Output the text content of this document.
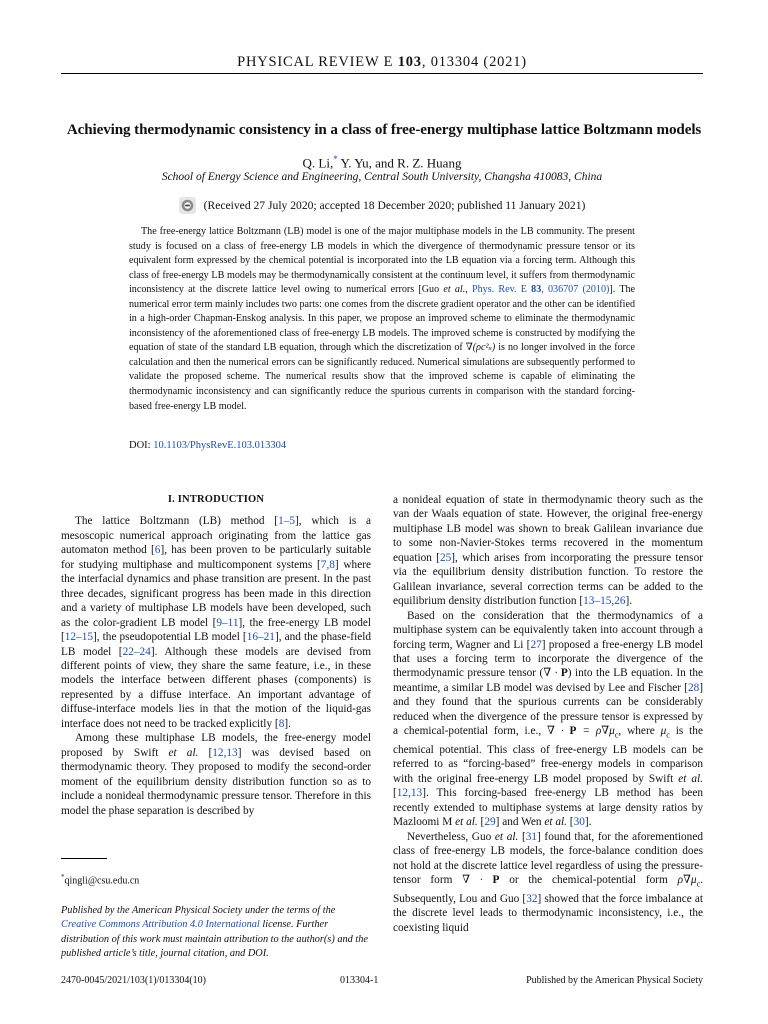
PHYSICAL REVIEW E 103, 013304 (2021)
Achieving thermodynamic consistency in a class of free-energy multiphase lattice Boltzmann models
Q. Li,* Y. Yu, and R. Z. Huang
School of Energy Science and Engineering, Central South University, Changsha 410083, China
(Received 27 July 2020; accepted 18 December 2020; published 11 January 2021)

The free-energy lattice Boltzmann (LB) model is one of the major multiphase models in the LB community. The present study is focused on a class of free-energy LB models in which the divergence of thermodynamic pressure tensor or its equivalent form expressed by the chemical potential is incorporated into the LB equation via a forcing term. Although this class of free-energy LB models may be thermodynamically consistent at the continuum level, it suffers from thermodynamic inconsistency at the discrete lattice level owing to numerical errors [Guo et al., Phys. Rev. E 83, 036707 (2010)]. The numerical error term mainly includes two parts: one comes from the discrete gradient operator and the other can be identified in a high-order Chapman-Enskog analysis. In this paper, we propose an improved scheme to eliminate the thermodynamic inconsistency of the aforementioned class of free-energy LB models. The improved scheme is constructed by modifying the equation of state of the standard LB equation, through which the discretization of ∇(ρc²ₛ) is no longer involved in the force calculation and then the numerical errors can be significantly reduced. Numerical simulations are subsequently performed to validate the proposed scheme. The numerical results show that the improved scheme is capable of eliminating the thermodynamic inconsistency and can significantly reduce the spurious currents in comparison with the standard forcing-based free-energy LB model.

DOI: 10.1103/PhysRevE.103.013304
I. INTRODUCTION

The lattice Boltzmann (LB) method [1–5], which is a mesoscopic numerical approach originating from the lattice gas automaton method [6], has been proven to be particularly suitable for studying multiphase and multicomponent systems [7,8] where the interfacial dynamics and phase transition are present. In the past three decades, significant progress has been made in this direction and a variety of multiphase LB models have been developed, such as the color-gradient LB model [9–11], the free-energy LB model [12–15], the pseudopotential LB model [16–21], and the phase-field LB model [22–24]. Although these models are devised from different points of view, they share the same feature, i.e., in these models the interface between different phases (components) is represented by a diffuse interface. An important advantage of diffuse-interface models lies in that the motion of the liquid-gas interface does not need to be tracked explicitly [8].

Among these multiphase LB models, the free-energy model proposed by Swift et al. [12,13] was devised based on thermodynamic theory. They proposed to modify the second-order moment of the equilibrium density distribution function so as to include a nonideal thermodynamic pressure tensor. Therefore in this model the phase separation is described by

a nonideal equation of state in thermodynamic theory such as the van der Waals equation of state. However, the original free-energy multiphase LB model was shown to break Galilean invariance due to some non-Navier-Stokes terms recovered in the momentum equation [25], which arises from incorporating the pressure tensor via the equilibrium density distribution function. To restore the Galilean invariance, several correction terms can be added to the equilibrium density distribution function [13–15,26].

Based on the consideration that the thermodynamics of a multiphase system can be equivalently taken into account through a forcing term, Wagner and Li [27] proposed a free-energy LB model that uses a forcing term to incorporate the divergence of the thermodynamic pressure tensor (∇ · P) into the LB equation. In the meantime, a similar LB model was devised by Lee and Fischer [28] and they found that the spurious currents can be considerably reduced when the divergence of the pressure tensor is expressed by a chemical-potential form, i.e., ∇ · $P = \rho\nabla\mu_c$, where $\mu_c$ is the chemical potential. This class of free-energy LB models can be referred to as “forcing-based” free-energy models in comparison with the original free-energy LB model proposed by Swift et al. [12,13]. This forcing-based free-energy LB method has been recently extended to multiphase systems at large density ratios by Mazloomi M et al. [29] and Wen et al. [30].

Nevertheless, Guo et al. [31] found that, for the aforementioned class of free-energy LB models, the force-balance condition does not hold at the discrete lattice level regardless of using the pressure-tensor form ∇ · P or the chemical-potential form $\rho\nabla\mu_c$. Subsequently, Lou and Guo [32] showed that the force imbalance at the discrete level leads to thermodynamic inconsistency, i.e., the coexisting liquid

*qingli@csu.edu.cn
Published by the American Physical Society under the terms of the Creative Commons Attribution 4.0 International license. Further distribution of this work must maintain attribution to the author(s) and the published article’s title, journal citation, and DOI.
2470-0045/2021/103(1)/013304(10)	013304-1	Published by the American Physical Society
